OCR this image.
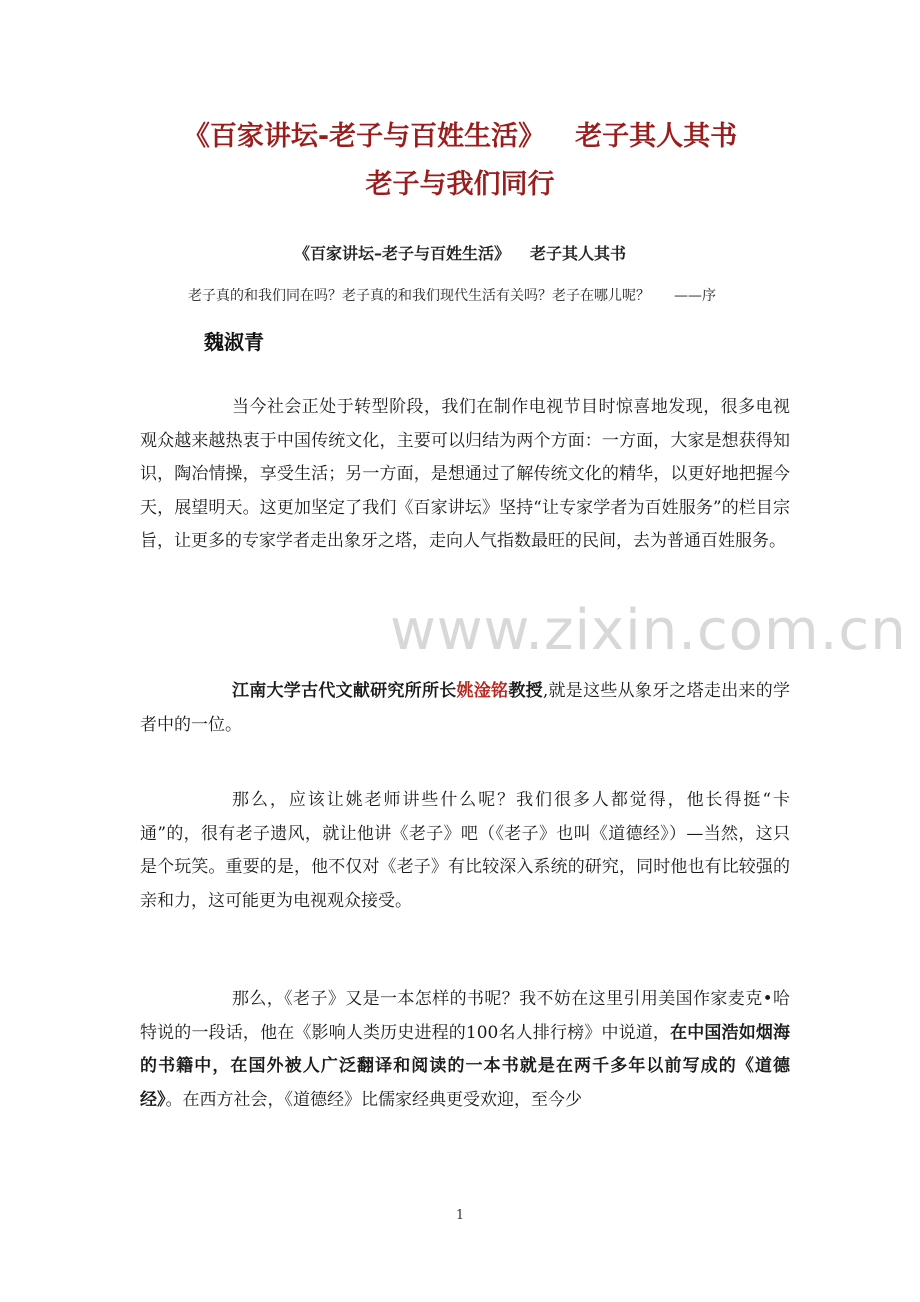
《百家讲坛-老子与百姓生活》 老子其人其书
老子与我们同行
《百家讲坛–老子与百姓生活》 老子其人其书
老子真的和我们同在吗？老子真的和我们现代生活有关吗？老子在哪儿呢？ ——序
魏淑青
www.zixin.com.cn

当今社会正处于转型阶段，我们在制作电视节目时惊喜地发现，很多电视观众越来越热衷于中国传统文化，主要可以归结为两个方面：一方面，大家是想获得知识，陶冶情操，享受生活；另一方面，是想通过了解传统文化的精华，以更好地把握今天，展望明天。这更加坚定了我们《百家讲坛》坚持“让专家学者为百姓服务”的栏目宗旨，让更多的专家学者走出象牙之塔，走向人气指数最旺的民间，去为普通百姓服务。

江南大学古代文献研究所所长姚淦铭教授,就是这些从象牙之塔走出来的学者中的一位。

那么，应该让姚老师讲些什么呢？我们很多人都觉得，他长得挺“卡通”的，很有老子遗风，就让他讲《老子》吧（《老子》也叫《道德经》）—当然，这只是个玩笑。重要的是，他不仅对《老子》有比较深入系统的研究，同时他也有比较强的亲和力，这可能更为电视观众接受。

那么，《老子》又是一本怎样的书呢？我不妨在这里引用美国作家麦克•哈特说的一段话，他在《影响人类历史进程的100名人排行榜》中说道，在中国浩如烟海的书籍中，在国外被人广泛翻译和阅读的一本书就是在两千多年以前写成的《道德经》。在西方社会，《道德经》比儒家经典更受欢迎，至今少

1
